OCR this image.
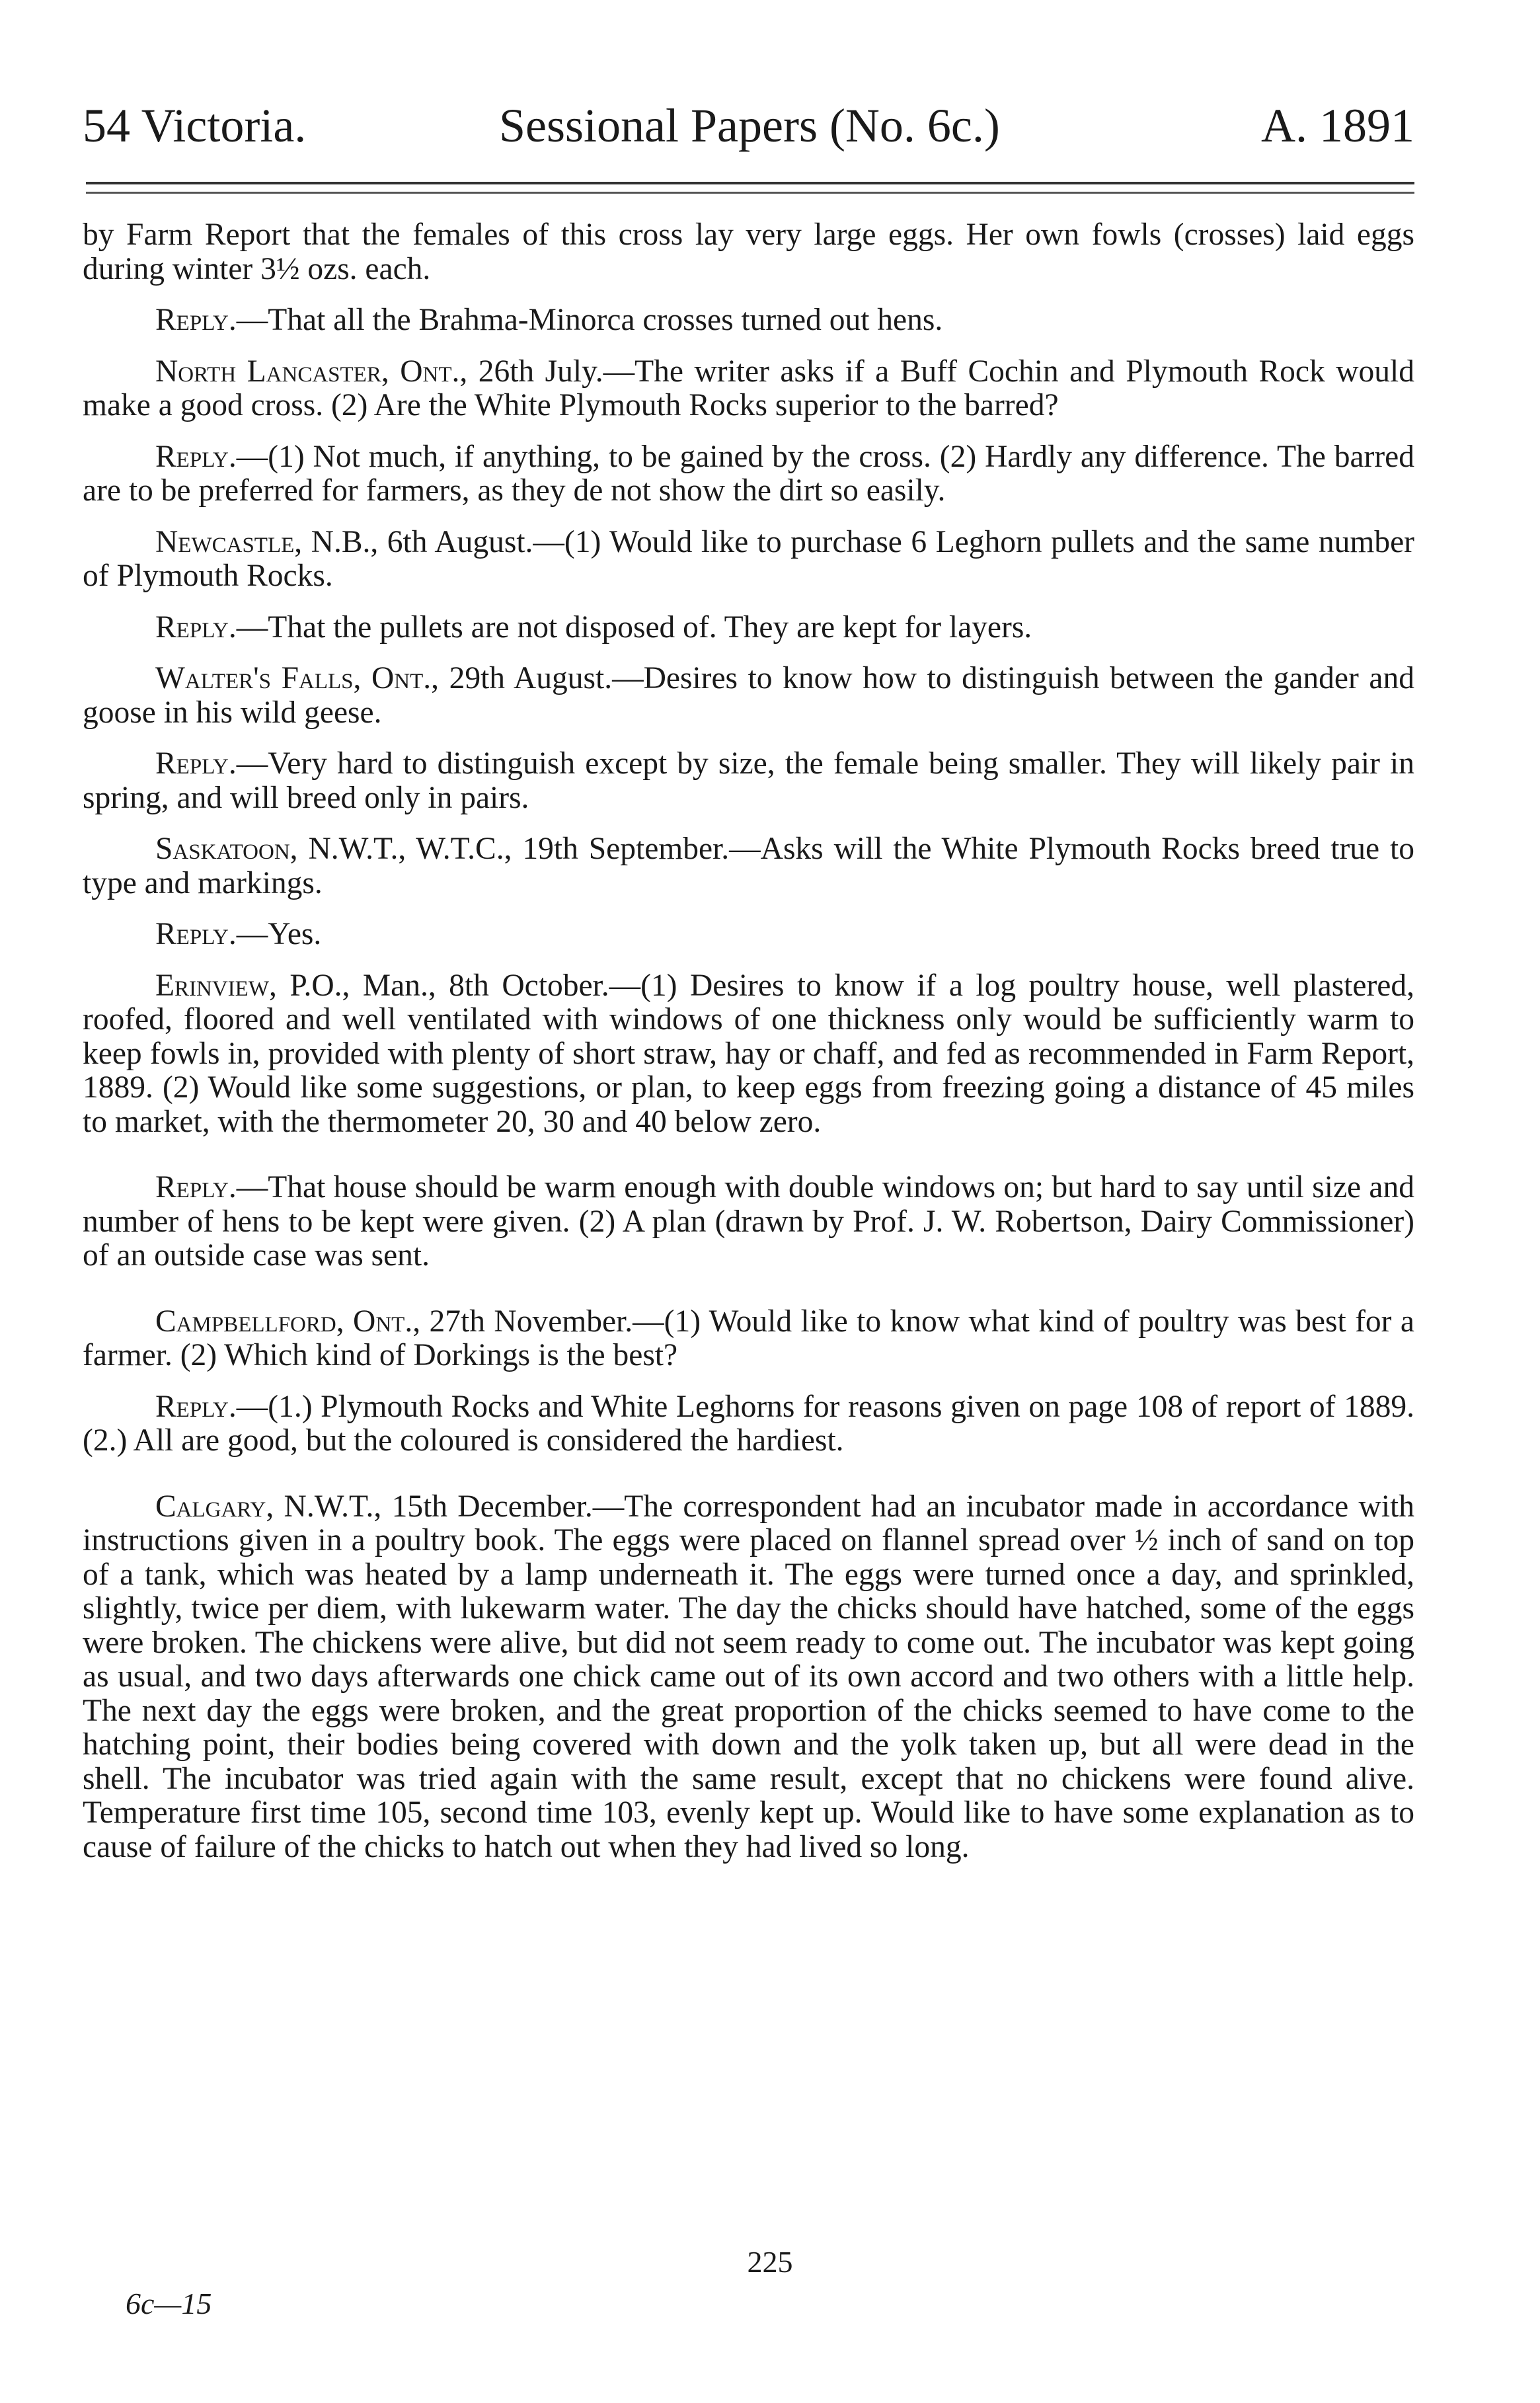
54 Victoria.	Sessional Papers (No. 6c.)	A. 1891

by Farm Report that the females of this cross lay very large eggs. Her own fowls (crosses) laid eggs during winter 3½ ozs. each.

Reply.—That all the Brahma-Minorca crosses turned out hens.

North Lancaster, Ont., 26th July.—The writer asks if a Buff Cochin and Plymouth Rock would make a good cross. (2) Are the White Plymouth Rocks superior to the barred?

Reply.—(1) Not much, if anything, to be gained by the cross. (2) Hardly any difference. The barred are to be preferred for farmers, as they de not show the dirt so easily.

Newcastle, N.B., 6th August.—(1) Would like to purchase 6 Leghorn pullets and the same number of Plymouth Rocks.

Reply.—That the pullets are not disposed of. They are kept for layers.

Walter's Falls, Ont., 29th August.—Desires to know how to distinguish between the gander and goose in his wild geese.

Reply.—Very hard to distinguish except by size, the female being smaller. They will likely pair in spring, and will breed only in pairs.

Saskatoon, N.W.T., W.T.C., 19th September.—Asks will the White Plymouth Rocks breed true to type and markings.

Reply.—Yes.

Erinview, P.O., Man., 8th October.—(1) Desires to know if a log poultry house, well plastered, roofed, floored and well ventilated with windows of one thickness only would be sufficiently warm to keep fowls in, provided with plenty of short straw, hay or chaff, and fed as recommended in Farm Report, 1889. (2) Would like some suggestions, or plan, to keep eggs from freezing going a distance of 45 miles to market, with the thermometer 20, 30 and 40 below zero.

Reply.—That house should be warm enough with double windows on; but hard to say until size and number of hens to be kept were given. (2) A plan (drawn by Prof. J. W. Robertson, Dairy Commissioner) of an outside case was sent.

Campbellford, Ont., 27th November.—(1) Would like to know what kind of poultry was best for a farmer. (2) Which kind of Dorkings is the best?

Reply.—(1.) Plymouth Rocks and White Leghorns for reasons given on page 108 of report of 1889. (2.) All are good, but the coloured is considered the hardiest.

Calgary, N.W.T., 15th December.—The correspondent had an incubator made in accordance with instructions given in a poultry book. The eggs were placed on flannel spread over ½ inch of sand on top of a tank, which was heated by a lamp underneath it. The eggs were turned once a day, and sprinkled, slightly, twice per diem, with lukewarm water. The day the chicks should have hatched, some of the eggs were broken. The chickens were alive, but did not seem ready to come out. The incubator was kept going as usual, and two days afterwards one chick came out of its own accord and two others with a little help. The next day the eggs were broken, and the great proportion of the chicks seemed to have come to the hatching point, their bodies being covered with down and the yolk taken up, but all were dead in the shell. The incubator was tried again with the same result, except that no chickens were found alive. Temperature first time 105, second time 103, evenly kept up. Would like to have some explanation as to cause of failure of the chicks to hatch out when they had lived so long.

225
6c—15
